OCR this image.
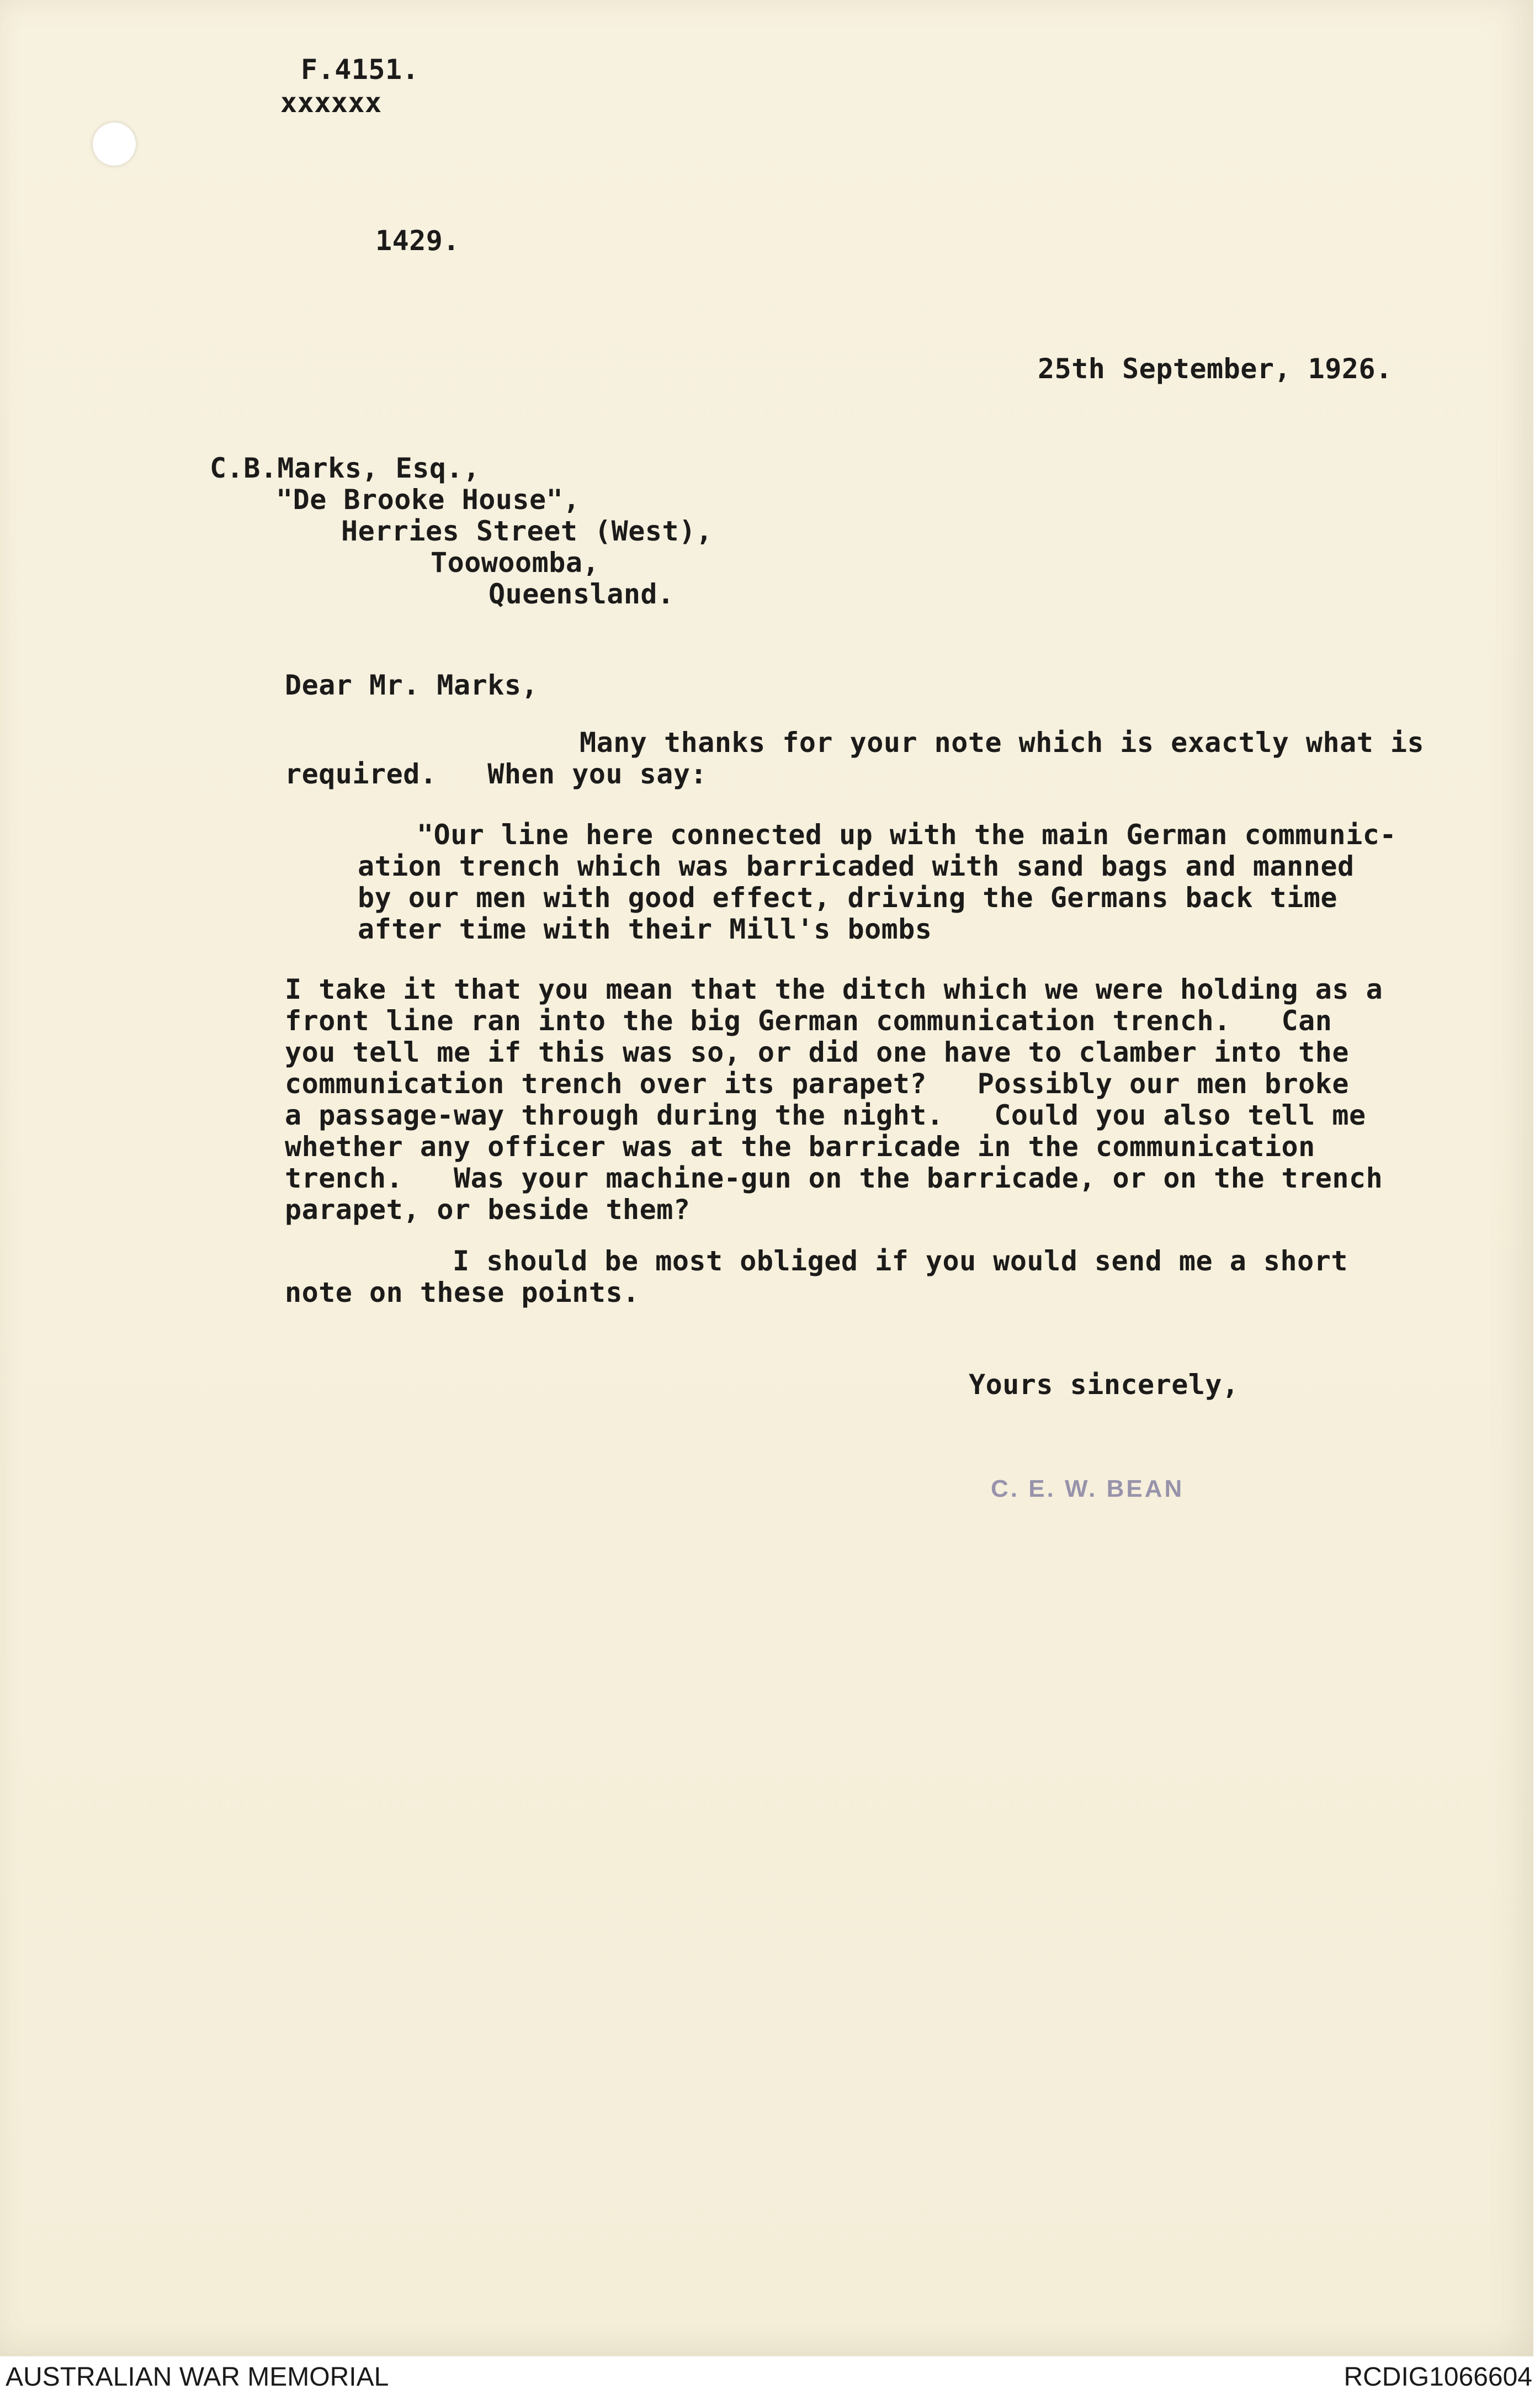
F.4151.
xxxxxx
1429.
25th September, 1926.
C.B.Marks, Esq.,
"De Brooke House",
Herries Street (West),
Toowoomba,
Queensland.
Dear Mr. Marks,
Many thanks for your note which is exactly what is
required.   When you say:
"Our line here connected up with the main German communic-
ation trench which was barricaded with sand bags and manned
by our men with good effect, driving the Germans back time
after time with their Mill's bombs
I take it that you mean that the ditch which we were holding as a
front line ran into the big German communication trench.   Can
you tell me if this was so, or did one have to clamber into the
communication trench over its parapet?   Possibly our men broke
a passage-way through during the night.   Could you also tell me
whether any officer was at the barricade in the communication
trench.   Was your machine-gun on the barricade, or on the trench
parapet, or beside them?
I should be most obliged if you would send me a short
note on these points.
Yours sincerely,
C. E. W. BEAN
AUSTRALIAN WAR MEMORIAL	RCDIG1066604
